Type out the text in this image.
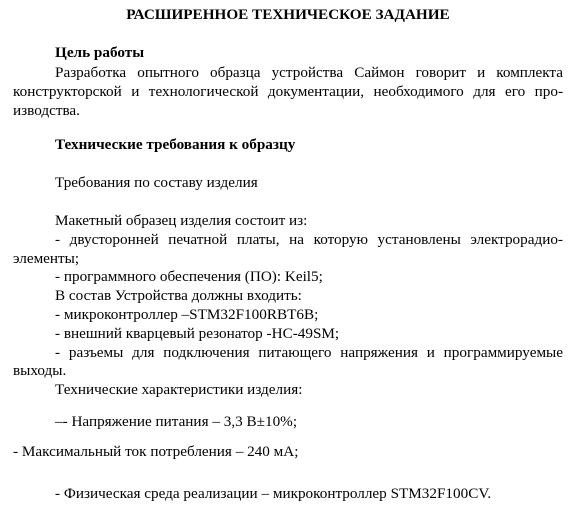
РАСШИРЕННОЕ ТЕХНИЧЕСКОЕ ЗАДАНИЕ
Цель работы
Разработка опытного образца устройства Саймон говорит и комплекта
конструкторской и технологической документации, необходимого для его про-
изводства.
Технические требования к образцу
Требования по составу изделия
Макетный образец изделия состоит из:
- двусторонней печатной платы, на которую установлены электрорадио-
элементы;
- программного обеспечения (ПО): Keil5;
В состав Устройства должны входить:
- микроконтроллер –STM32F100RBT6B;
- внешний кварцевый резонатор -HC-49SM;
- разъемы для подключения питающего напряжения и программируемые
выходы.
Технические характеристики изделия:
–- Напряжение питания – 3,3 В±10%;
- Максимальный ток потребления – 240 мА;
- Физическая среда реализации – микроконтроллер STM32F100CV.
